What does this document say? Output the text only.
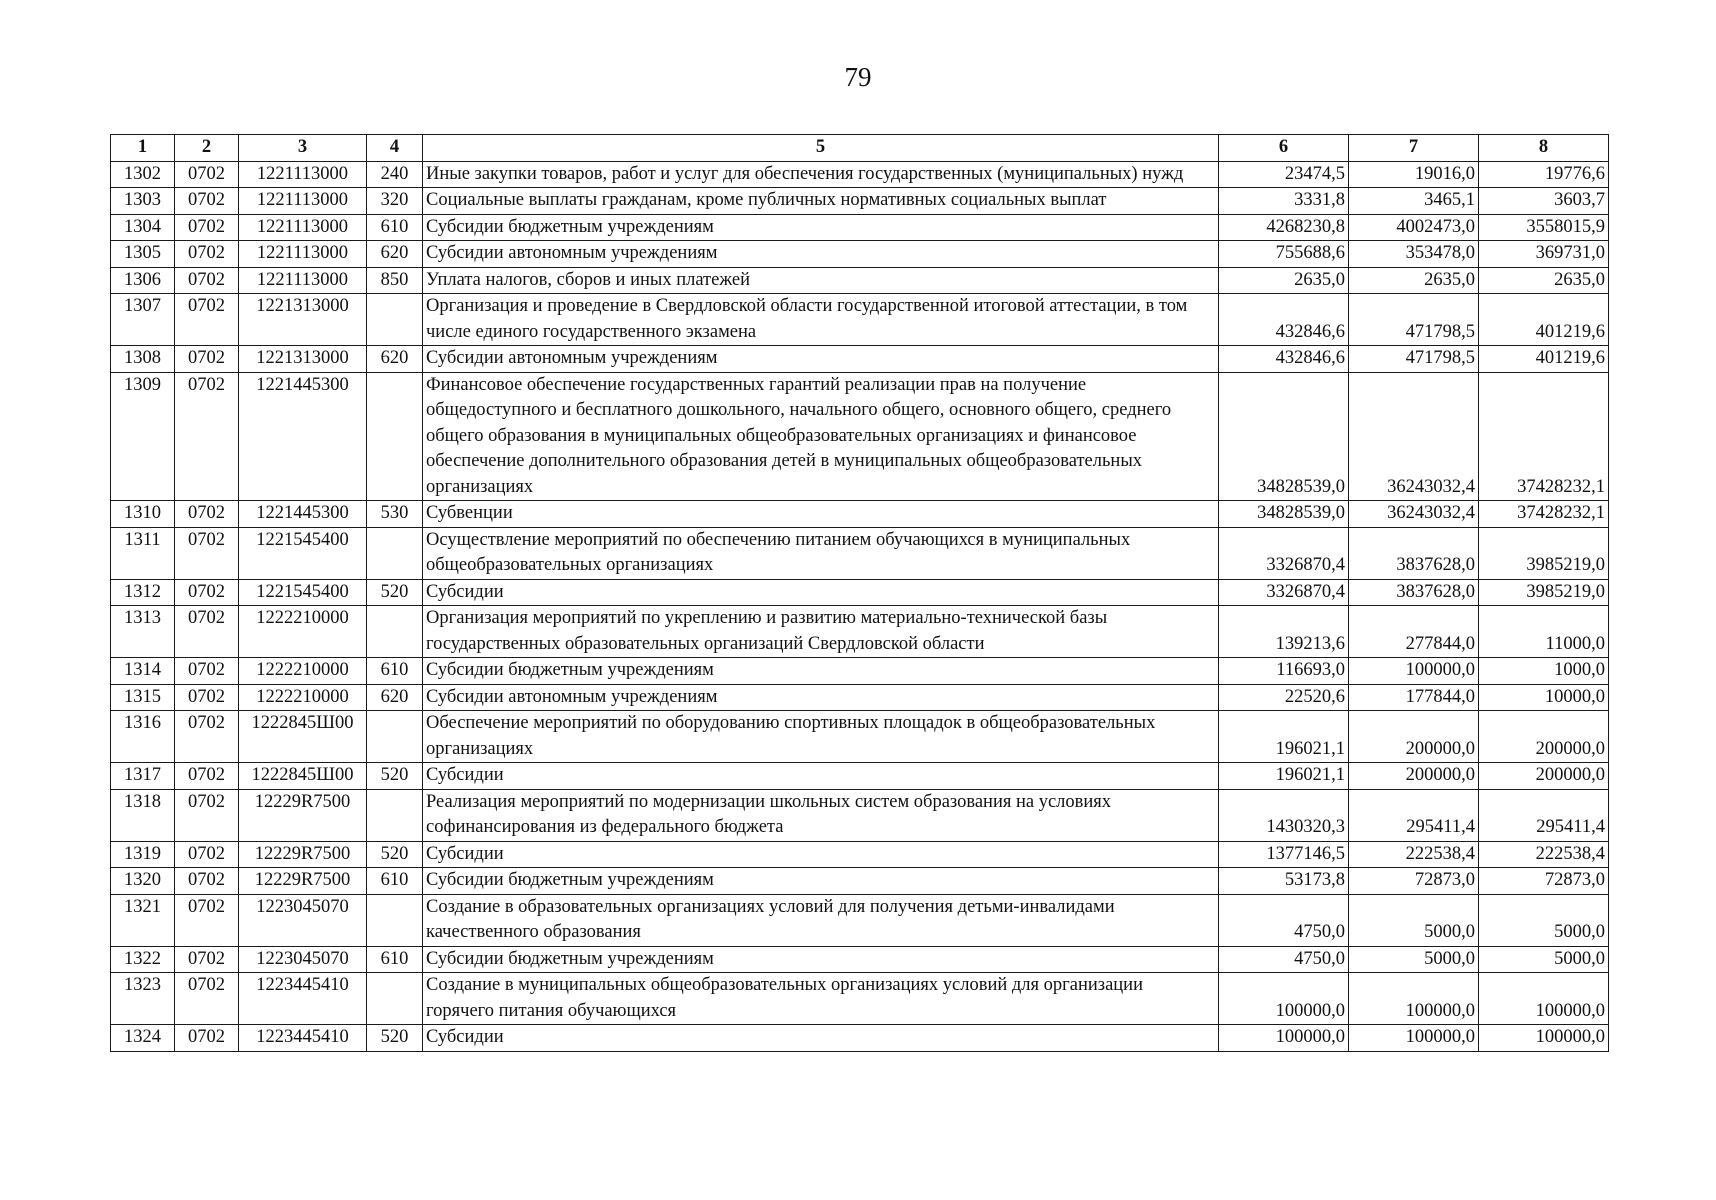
79
1	2	3	4	5	6	7	8
1302	0702	1221113000	240	Иные закупки товаров, работ и услуг для обеспечения государственных (муниципальных) нужд	23474,5	19016,0	19776,6
1303	0702	1221113000	320	Социальные выплаты гражданам, кроме публичных нормативных социальных выплат	3331,8	3465,1	3603,7
1304	0702	1221113000	610	Субсидии бюджетным учреждениям	4268230,8	4002473,0	3558015,9
1305	0702	1221113000	620	Субсидии автономным учреждениям	755688,6	353478,0	369731,0
1306	0702	1221113000	850	Уплата налогов, сборов и иных платежей	2635,0	2635,0	2635,0
1307	0702	1221313000		Организация и проведение в Свердловской области государственной итоговой аттестации, в том числе единого государственного экзамена	432846,6	471798,5	401219,6
1308	0702	1221313000	620	Субсидии автономным учреждениям	432846,6	471798,5	401219,6
1309	0702	1221445300		Финансовое обеспечение государственных гарантий реализации прав на получение общедоступного и бесплатного дошкольного, начального общего, основного общего, среднего общего образования в муниципальных общеобразовательных организациях и финансовое обеспечение дополнительного образования детей в муниципальных общеобразовательных организациях	34828539,0	36243032,4	37428232,1
1310	0702	1221445300	530	Субвенции	34828539,0	36243032,4	37428232,1
1311	0702	1221545400		Осуществление мероприятий по обеспечению питанием обучающихся в муниципальных общеобразовательных организациях	3326870,4	3837628,0	3985219,0
1312	0702	1221545400	520	Субсидии	3326870,4	3837628,0	3985219,0
1313	0702	1222210000		Организация мероприятий по укреплению и развитию материально-технической базы государственных образовательных организаций Свердловской области	139213,6	277844,0	11000,0
1314	0702	1222210000	610	Субсидии бюджетным учреждениям	116693,0	100000,0	1000,0
1315	0702	1222210000	620	Субсидии автономным учреждениям	22520,6	177844,0	10000,0
1316	0702	1222845Ш00		Обеспечение мероприятий по оборудованию спортивных площадок в общеобразовательных организациях	196021,1	200000,0	200000,0
1317	0702	1222845Ш00	520	Субсидии	196021,1	200000,0	200000,0
1318	0702	12229R7500		Реализация мероприятий по модернизации школьных систем образования на условиях софинансирования из федерального бюджета	1430320,3	295411,4	295411,4
1319	0702	12229R7500	520	Субсидии	1377146,5	222538,4	222538,4
1320	0702	12229R7500	610	Субсидии бюджетным учреждениям	53173,8	72873,0	72873,0
1321	0702	1223045070		Создание в образовательных организациях условий для получения детьми-инвалидами качественного образования	4750,0	5000,0	5000,0
1322	0702	1223045070	610	Субсидии бюджетным учреждениям	4750,0	5000,0	5000,0
1323	0702	1223445410		Создание в муниципальных общеобразовательных организациях условий для организации горячего питания обучающихся	100000,0	100000,0	100000,0
1324	0702	1223445410	520	Субсидии	100000,0	100000,0	100000,0
